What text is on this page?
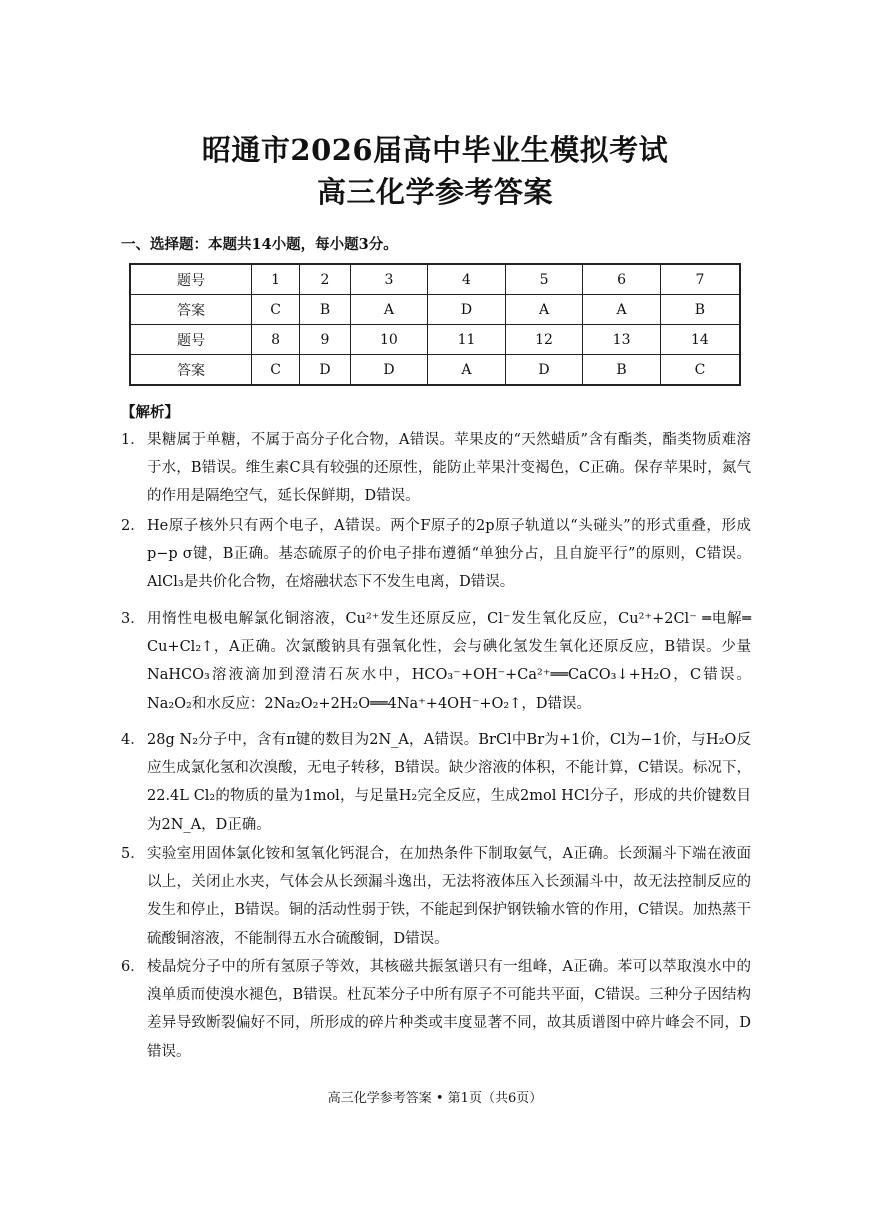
昭通市2026届高中毕业生模拟考试
高三化学参考答案
一、选择题：本题共14小题，每小题3分。
题号	1	2	3	4	5	6	7
答案	C	B	A	D	A	A	B
题号	8	9	10	11	12	13	14
答案	C	D	D	A	D	B	C
【解析】
1． 果糖属于单糖，不属于高分子化合物，A错误。苹果皮的“天然蜡质”含有酯类，酯类物质难溶于水，B错误。维生素C具有较强的还原性，能防止苹果汁变褐色，C正确。保存苹果时，氮气的作用是隔绝空气，延长保鲜期，D错误。
2． He原子核外只有两个电子，A错误。两个F原子的2p原子轨道以“头碰头”的形式重叠，形成p−p σ键，B正确。基态硫原子的价电子排布遵循“单独分占，且自旋平行”的原则，C错误。AlCl₃是共价化合物，在熔融状态下不发生电离，D错误。
3． 用惰性电极电解氯化铜溶液，Cu²⁺发生还原反应，Cl⁻发生氧化反应，Cu²⁺+2Cl⁻ ═电解═ Cu+Cl₂↑，A正确。次氯酸钠具有强氧化性，会与碘化氢发生氧化还原反应，B错误。少量NaHCO₃溶液滴加到澄清石灰水中，HCO₃⁻+OH⁻+Ca²⁺══CaCO₃↓+H₂O，C错误。Na₂O₂和水反应：2Na₂O₂+2H₂O══4Na⁺+4OH⁻+O₂↑，D错误。
4． 28g N₂分子中，含有π键的数目为2N_A，A错误。BrCl中Br为+1价，Cl为−1价，与H₂O反应生成氯化氢和次溴酸，无电子转移，B错误。缺少溶液的体积，不能计算，C错误。标况下，22.4L Cl₂的物质的量为1mol，与足量H₂完全反应，生成2mol HCl分子，形成的共价键数目为2N_A，D正确。
5． 实验室用固体氯化铵和氢氧化钙混合，在加热条件下制取氨气，A正确。长颈漏斗下端在液面以上，关闭止水夹，气体会从长颈漏斗逸出，无法将液体压入长颈漏斗中，故无法控制反应的发生和停止，B错误。铜的活动性弱于铁，不能起到保护钢铁输水管的作用，C错误。加热蒸干硫酸铜溶液，不能制得五水合硫酸铜，D错误。
6． 棱晶烷分子中的所有氢原子等效，其核磁共振氢谱只有一组峰，A正确。苯可以萃取溴水中的溴单质而使溴水褪色，B错误。杜瓦苯分子中所有原子不可能共平面，C错误。三种分子因结构差异导致断裂偏好不同，所形成的碎片种类或丰度显著不同，故其质谱图中碎片峰会不同，D错误。
高三化学参考答案 • 第1页（共6页）
